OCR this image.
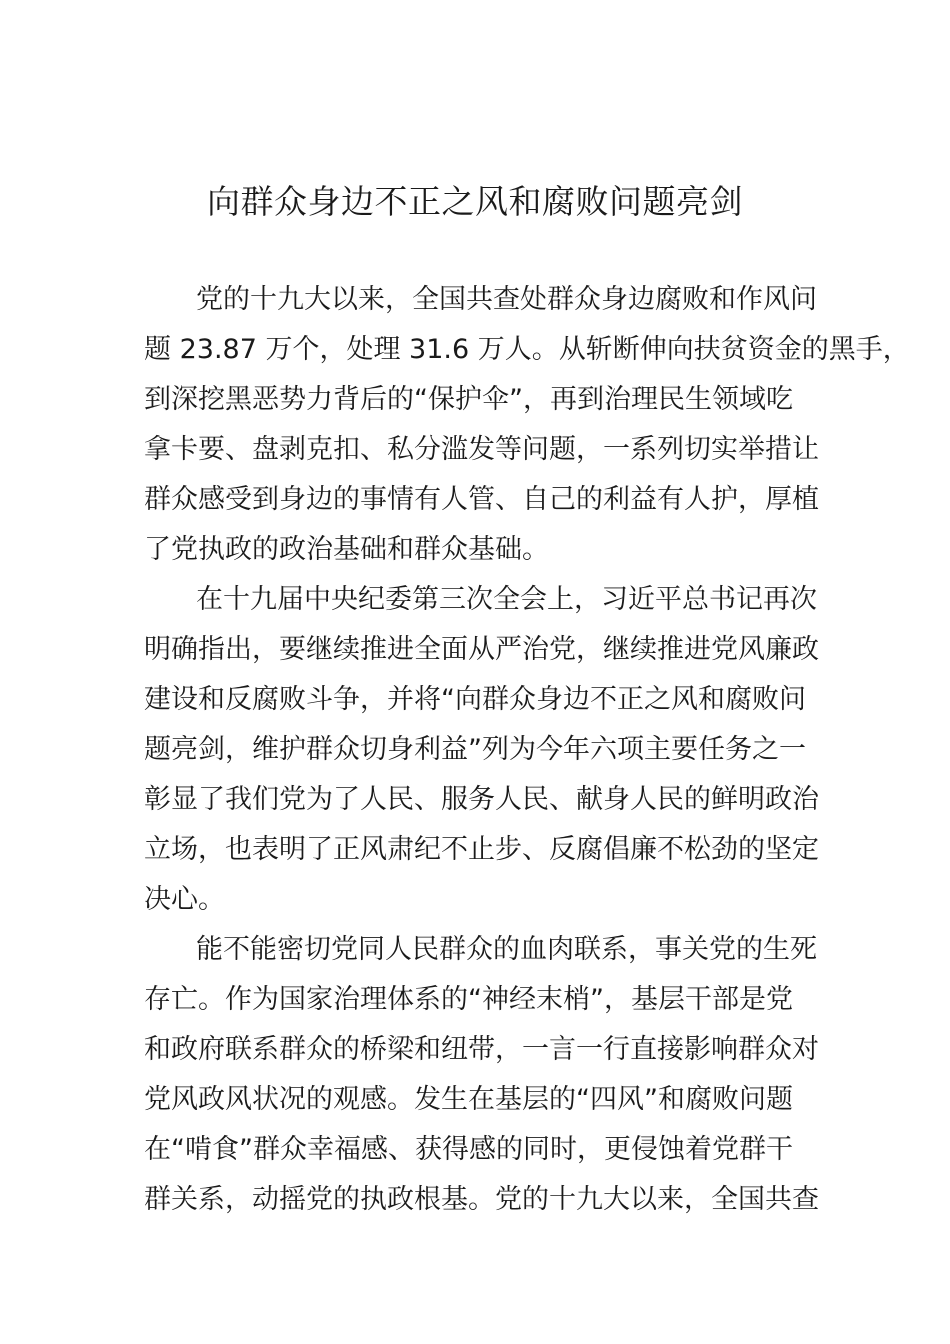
向群众身边不正之风和腐败问题亮剑

党的十九大以来，全国共查处群众身边腐败和作风问

题 23.87 万个，处理 31.6 万人。从斩断伸向扶贫资金的黑手，

到深挖黑恶势力背后的“保护伞”，再到治理民生领域吃

拿卡要、盘剥克扣、私分滥发等问题，一系列切实举措让

群众感受到身边的事情有人管、自己的利益有人护，厚植

了党执政的政治基础和群众基础。

在十九届中央纪委第三次全会上，习近平总书记再次

明确指出，要继续推进全面从严治党，继续推进党风廉政

建设和反腐败斗争，并将“向群众身边不正之风和腐败问

题亮剑，维护群众切身利益”列为今年六项主要任务之一

彰显了我们党为了人民、服务人民、献身人民的鲜明政治

立场，也表明了正风肃纪不止步、反腐倡廉不松劲的坚定

决心。

能不能密切党同人民群众的血肉联系，事关党的生死

存亡。作为国家治理体系的“神经末梢”，基层干部是党

和政府联系群众的桥梁和纽带，一言一行直接影响群众对

党风政风状况的观感。发生在基层的“四风”和腐败问题

在“啃食”群众幸福感、获得感的同时，更侵蚀着党群干

群关系，动摇党的执政根基。党的十九大以来，全国共查
